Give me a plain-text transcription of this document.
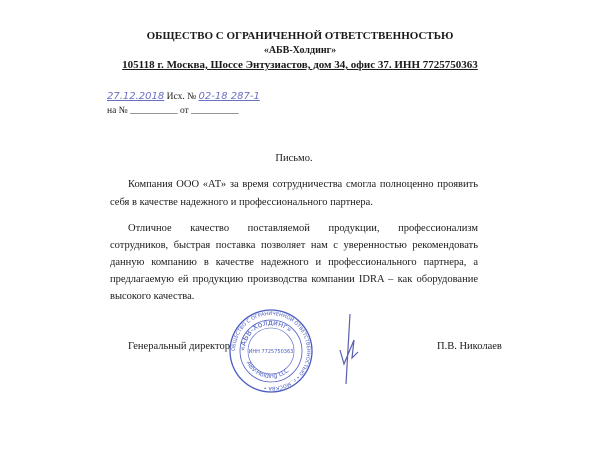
ОБЩЕСТВО С ОГРАНИЧЕННОЙ ОТВЕТСТВЕННОСТЬЮ
«АБВ-Холдинг»
105118 г. Москва, Шоссе Энтузиастов, дом 34, офис 37. ИНН 7725750363
27.12.2018 Исх. № 02-18 287-1
на № __________ от __________
Письмо.
Компания ООО «АТ» за время сотрудничества смогла полноценно проявить
себя в качестве надежного и профессионального партнера.
Отличное качество поставляемой продукции, профессионализм
сотрудников, быстрая поставка позволяет нам с уверенностью рекомендовать
данную компанию в качестве надежного и профессионального партнера, а
предлагаемую ей продукцию производства компании IDRA – как оборудование
высокого качества.
Генеральный директор ОБЩЕСТВО С ОГРАНИЧЕННОЙ ОТВЕТСТВЕННОСТЬЮ • г. МОСКВА •
«АБВ-Холдинг»
ABV-Holding LLC
ИНН 7725750363	П.В. Николаев
